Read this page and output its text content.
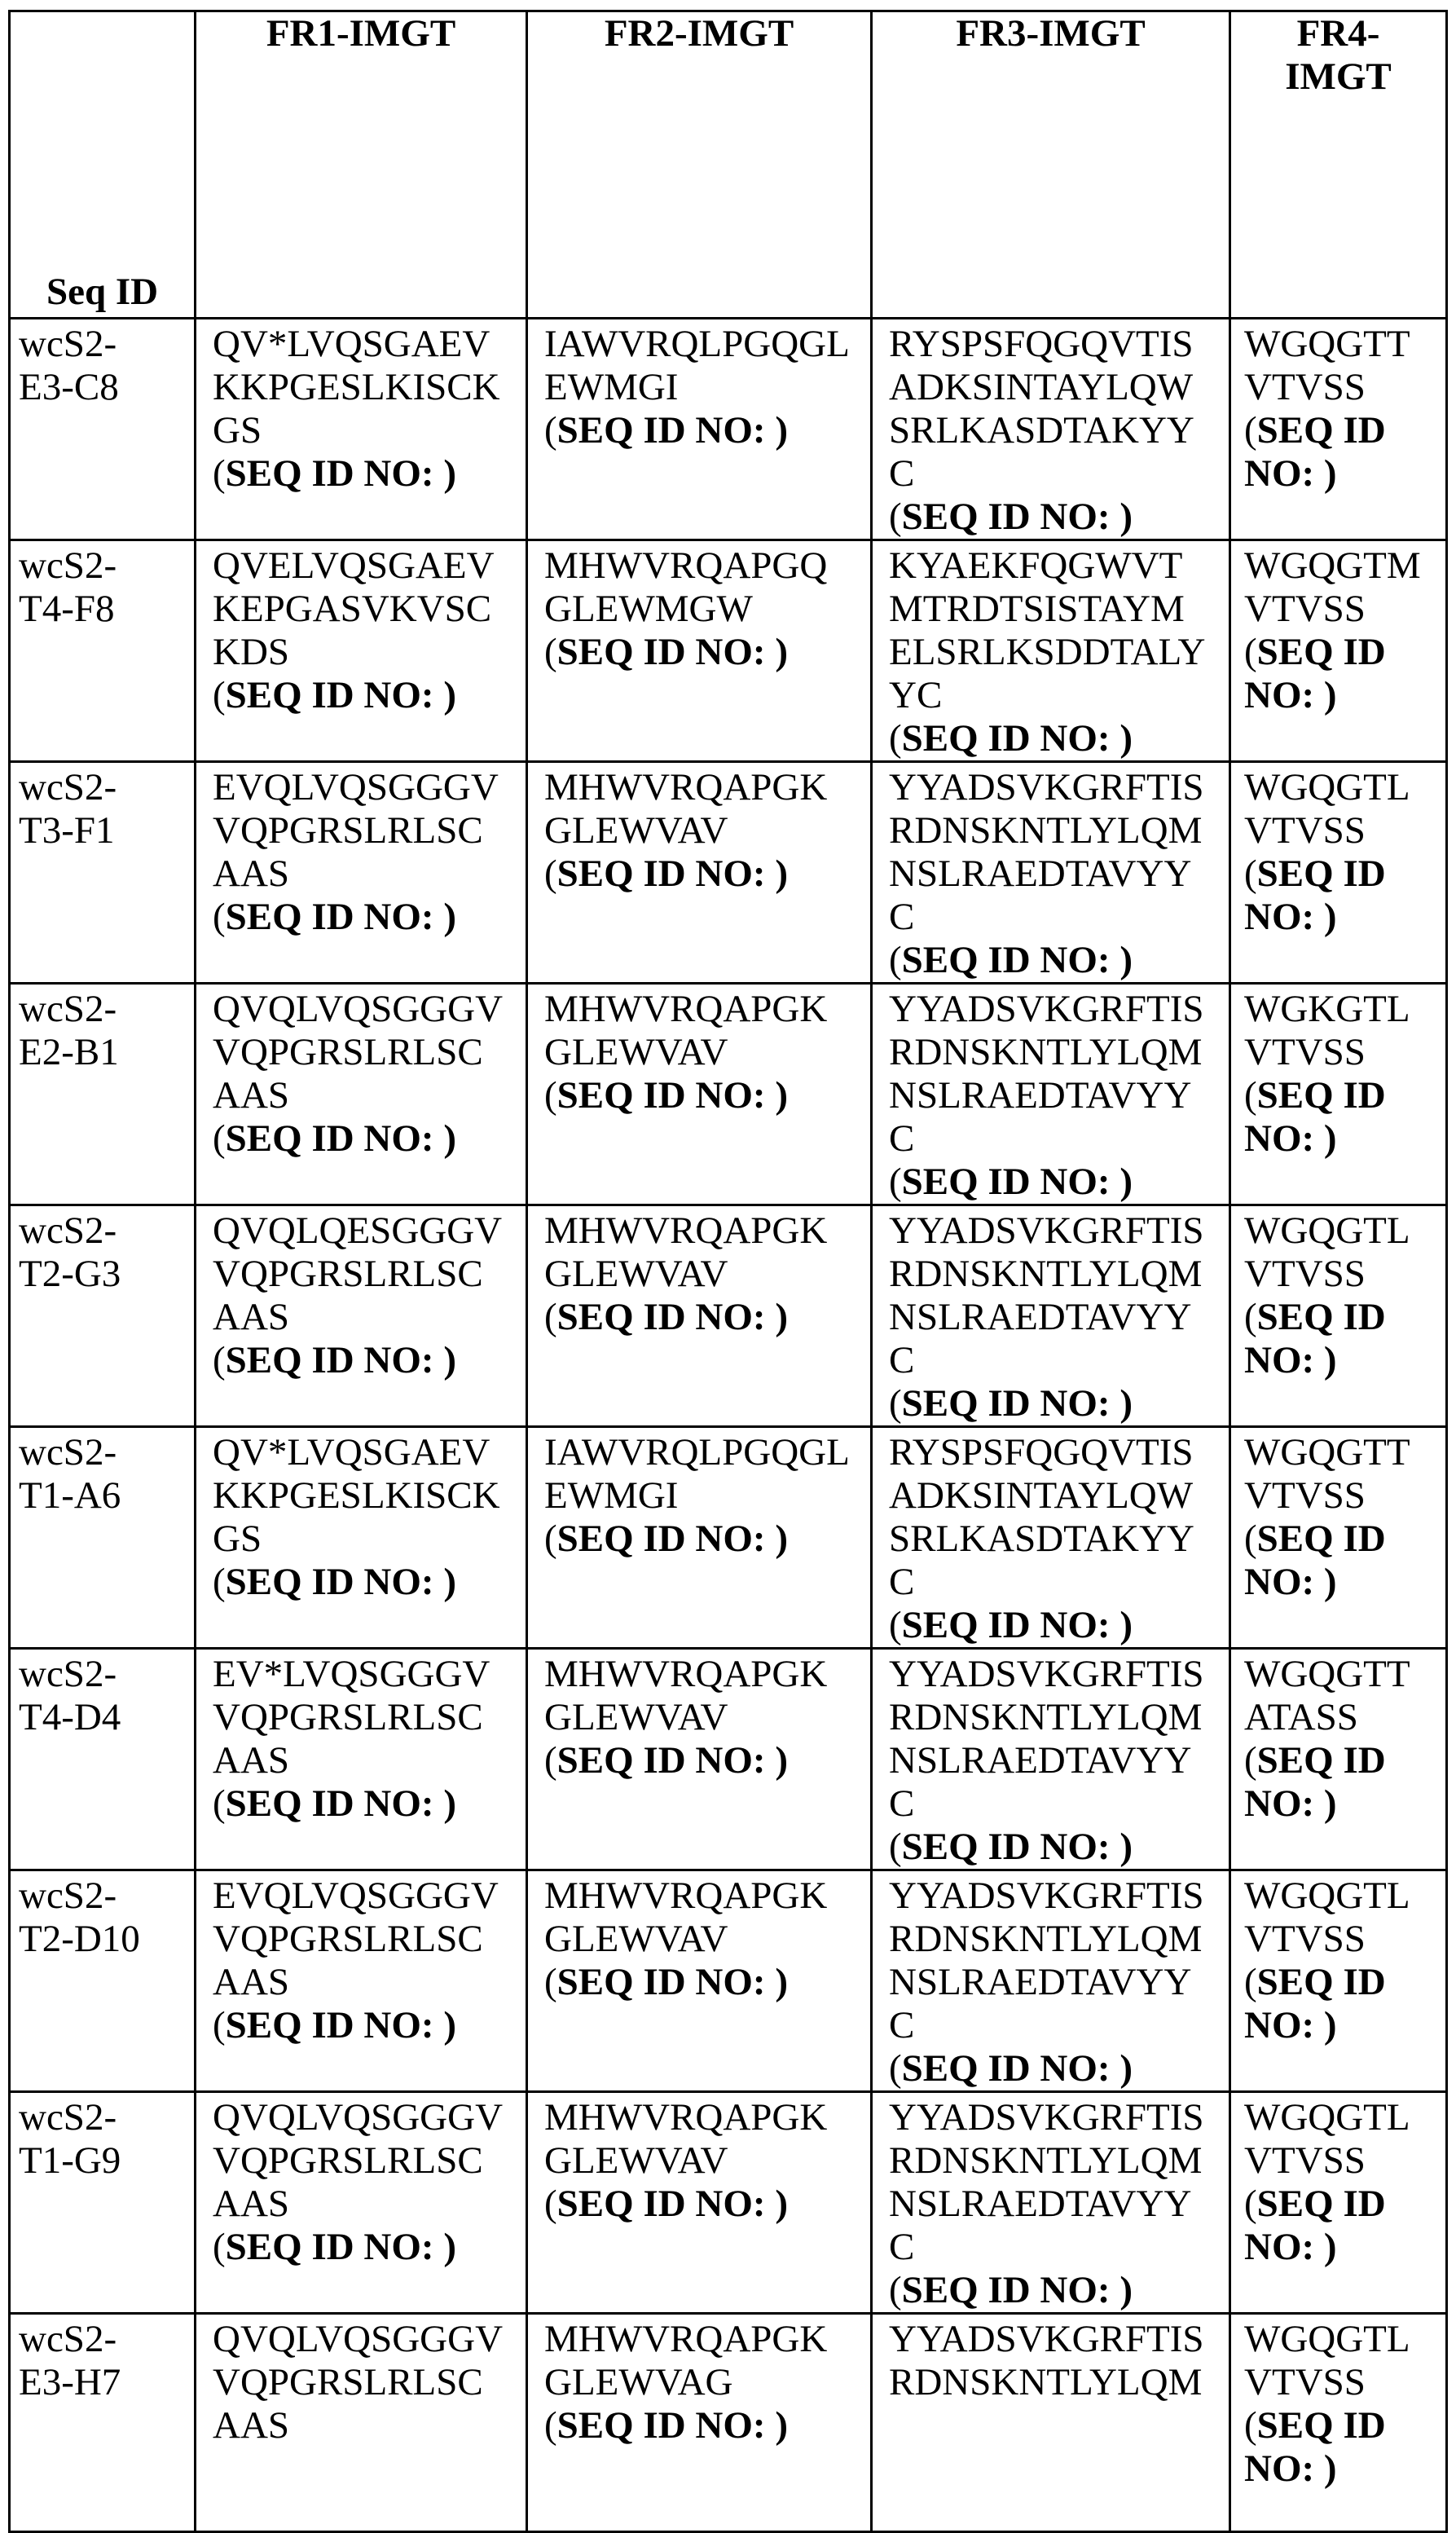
Seq ID	FR1-IMGT	FR2-IMGT	FR3-IMGT	FR4-
IMGT

wcS2-
E3-C8	QV*LVQSGAEV
KKPGESLKISCK
GS
(SEQ ID NO: )	IAWVRQLPGQGL
EWMGI
(SEQ ID NO: )	RYSPSFQGQVTIS
ADKSINTAYLQW
SRLKASDTAKYY
C
(SEQ ID NO: )	WGQGTT
VTVSS
(SEQ ID
NO: )

wcS2-
T4-F8	QVELVQSGAEV
KEPGASVKVSC
KDS
(SEQ ID NO: )	MHWVRQAPGQ
GLEWMGW
(SEQ ID NO: )	KYAEKFQGWVT
MTRDTSISTAYM
ELSRLKSDDTALY
YC
(SEQ ID NO: )	WGQGTM
VTVSS
(SEQ ID
NO: )

wcS2-
T3-F1	EVQLVQSGGGV
VQPGRSLRLSC
AAS
(SEQ ID NO: )	MHWVRQAPGK
GLEWVAV
(SEQ ID NO: )	YYADSVKGRFTIS
RDNSKNTLYLQM
NSLRAEDTAVYY
C
(SEQ ID NO: )	WGQGTL
VTVSS
(SEQ ID
NO: )

wcS2-
E2-B1	QVQLVQSGGGV
VQPGRSLRLSC
AAS
(SEQ ID NO: )	MHWVRQAPGK
GLEWVAV
(SEQ ID NO: )	YYADSVKGRFTIS
RDNSKNTLYLQM
NSLRAEDTAVYY
C
(SEQ ID NO: )	WGKGTL
VTVSS
(SEQ ID
NO: )

wcS2-
T2-G3	QVQLQESGGGV
VQPGRSLRLSC
AAS
(SEQ ID NO: )	MHWVRQAPGK
GLEWVAV
(SEQ ID NO: )	YYADSVKGRFTIS
RDNSKNTLYLQM
NSLRAEDTAVYY
C
(SEQ ID NO: )	WGQGTL
VTVSS
(SEQ ID
NO: )

wcS2-
T1-A6	QV*LVQSGAEV
KKPGESLKISCK
GS
(SEQ ID NO: )	IAWVRQLPGQGL
EWMGI
(SEQ ID NO: )	RYSPSFQGQVTIS
ADKSINTAYLQW
SRLKASDTAKYY
C
(SEQ ID NO: )	WGQGTT
VTVSS
(SEQ ID
NO: )

wcS2-
T4-D4	EV*LVQSGGGV
VQPGRSLRLSC
AAS
(SEQ ID NO: )	MHWVRQAPGK
GLEWVAV
(SEQ ID NO: )	YYADSVKGRFTIS
RDNSKNTLYLQM
NSLRAEDTAVYY
C
(SEQ ID NO: )	WGQGTT
ATASS
(SEQ ID
NO: )

wcS2-
T2-D10	EVQLVQSGGGV
VQPGRSLRLSC
AAS
(SEQ ID NO: )	MHWVRQAPGK
GLEWVAV
(SEQ ID NO: )	YYADSVKGRFTIS
RDNSKNTLYLQM
NSLRAEDTAVYY
C
(SEQ ID NO: )	WGQGTL
VTVSS
(SEQ ID
NO: )

wcS2-
T1-G9	QVQLVQSGGGV
VQPGRSLRLSC
AAS
(SEQ ID NO: )	MHWVRQAPGK
GLEWVAV
(SEQ ID NO: )	YYADSVKGRFTIS
RDNSKNTLYLQM
NSLRAEDTAVYY
C
(SEQ ID NO: )	WGQGTL
VTVSS
(SEQ ID
NO: )

wcS2-
E3-H7	QVQLVQSGGGV
VQPGRSLRLSC
AAS	MHWVRQAPGK
GLEWVAG
(SEQ ID NO: )	YYADSVKGRFTIS
RDNSKNTLYLQM	WGQGTL
VTVSS
(SEQ ID
NO: )
